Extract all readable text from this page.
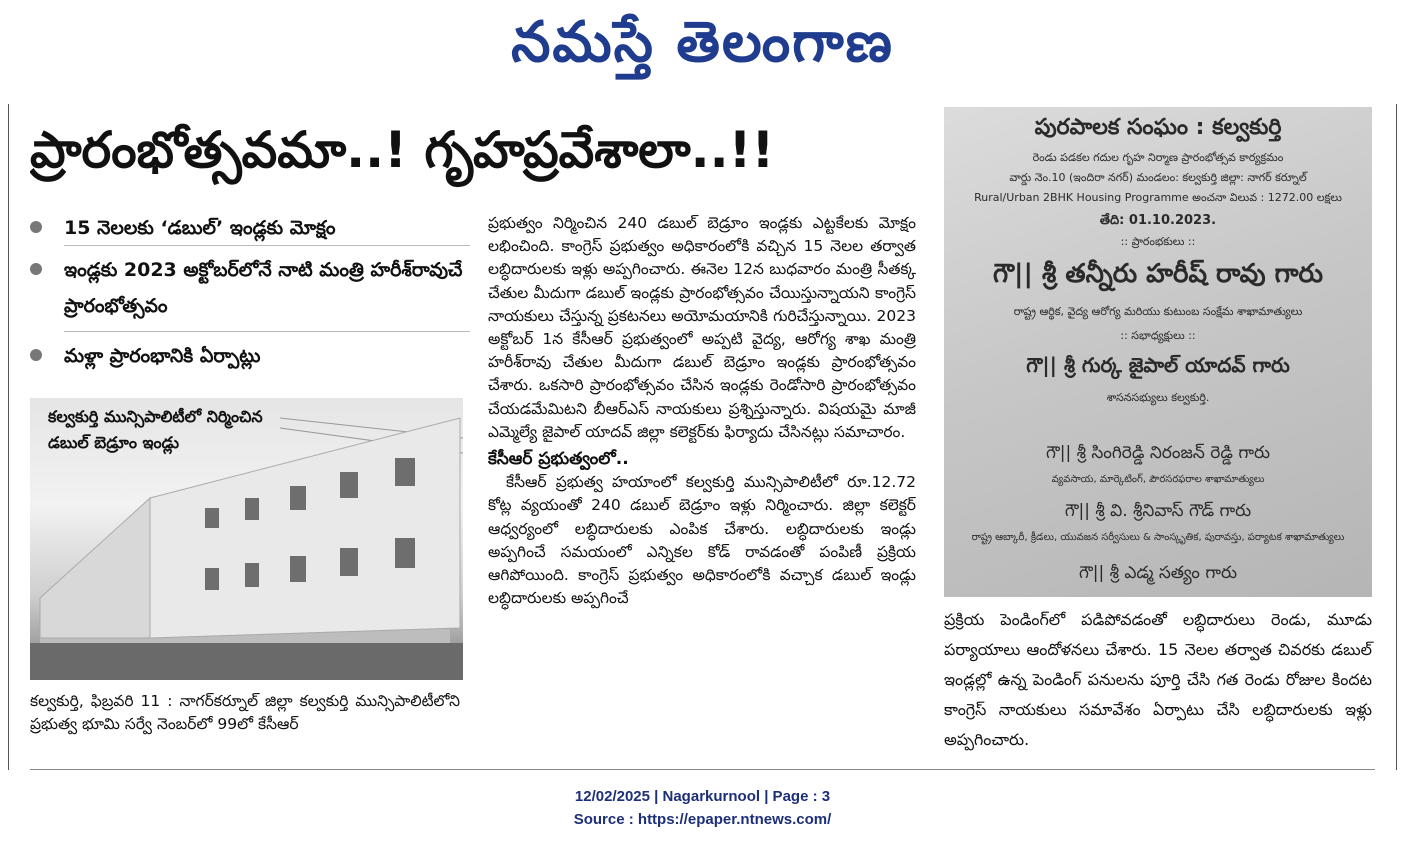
నమస్తే తెలంగాణ
ప్రారంభోత్సవమా..! గృహప్రవేశాలా..!!
15 నెలలకు ‘డబుల్’ ఇండ్లకు మోక్షం
ఇండ్లకు 2023 అక్టోబర్‌లోనే నాటి మంత్రి హరీశ్‌రావుచే ప్రారంభోత్సవం
మళ్లా ప్రారంభానికి ఏర్పాట్లు
కల్వకుర్తి మున్సిపాలిటీలో నిర్మించిన డబుల్ బెడ్రూం ఇండ్లు
కల్వకుర్తి, ఫిబ్రవరి 11 : నాగర్‌కర్నూల్ జిల్లా కల్వకుర్తి మున్సిపాలిటీలోని ప్రభుత్వ భూమి సర్వే నెంబర్‌లో 99లో కేసీఆర్
ప్రభుత్వం నిర్మించిన 240 డబుల్ బెడ్రూం ఇండ్లకు ఎట్టకేలకు మోక్షం లభించింది. కాంగ్రెస్ ప్రభుత్వం అధికారంలోకి వచ్చిన 15 నెలల తర్వాత లబ్ధిదారులకు ఇళ్లు అప్పగించారు. ఈనెల 12న బుధవారం మంత్రి సీతక్క చేతుల మీదుగా డబుల్ ఇండ్లకు ప్రారంభోత్సవం చేయిస్తున్నాయని కాంగ్రెస్ నాయకులు చేస్తున్న ప్రకటనలు అయోమయానికి గురిచేస్తున్నాయి. 2023 అక్టోబర్ 1న కేసీఆర్ ప్రభుత్వంలో అప్పటి వైద్య, ఆరోగ్య శాఖ మంత్రి హరీశ్‌రావు చేతుల మీదుగా డబుల్ బెడ్రూం ఇండ్లకు ప్రారంభోత్సవం చేశారు. ఒకసారి ప్రారంభోత్సవం చేసిన ఇండ్లకు రెండోసారి ప్రారంభోత్సవం చేయడమేమిటని బీఆర్ఎస్ నాయకులు ప్రశ్నిస్తున్నారు. విషయమై మాజీ ఎమ్మెల్యే జైపాల్ యాదవ్ జిల్లా కలెక్టర్‌కు ఫిర్యాదు చేసినట్లు సమాచారం.
కేసీఆర్ ప్రభుత్వంలో..
కేసీఆర్ ప్రభుత్వ హయాంలో కల్వకుర్తి మున్సిపాలిటీలో రూ.12.72 కోట్ల వ్యయంతో 240 డబుల్ బెడ్రూం ఇళ్లు నిర్మించారు. జిల్లా కలెక్టర్ ఆధ్వర్యంలో లబ్ధిదారులకు ఎంపిక చేశారు. లబ్ధిదారులకు ఇండ్లు అప్పగించే సమయంలో ఎన్నికల కోడ్ రావడంతో పంపిణీ ప్రక్రియ ఆగిపోయింది. కాంగ్రెస్ ప్రభుత్వం అధికారంలోకి వచ్చాక డబుల్ ఇండ్లు లబ్ధిదారులకు అప్పగించే
పురపాలక సంఘం : కల్వకుర్తి
రెండు పడకల గదుల గృహ నిర్మాణ ప్రారంభోత్సవ కార్యక్రమం
వార్డు నెం.10 (ఇందిరా నగర్) మండలం: కల్వకుర్తి జిల్లా: నాగర్ కర్నూల్
Rural/Urban 2BHK Housing Programme అంచనా విలువ : 1272.00 లక్షలు
తేది: 01.10.2023.
:: ప్రారంభకులు ::
గౌ|| శ్రీ తన్నీరు హరీష్ రావు గారు
రాష్ట్ర ఆర్థిక, వైద్య ఆరోగ్య మరియు కుటుంబ సంక్షేమ శాఖామాత్యులు
:: సభాధ్యక్షులు ::
గౌ|| శ్రీ గుర్క జైపాల్ యాదవ్ గారు
శాసనసభ్యులు కల్వకుర్తి.
గౌ|| శ్రీ సింగిరెడ్డి నిరంజన్ రెడ్డి గారు
వ్యవసాయ, మార్కెటింగ్, పౌరసరఫరాల శాఖామాత్యులు
గౌ|| శ్రీ వి. శ్రీనివాస్ గౌడ్ గారు
రాష్ట్ర ఆబ్కారీ, క్రీడలు, యువజన సర్వీసులు & సాంస్కృతిక, పురావస్తు, పర్యాటక శాఖామాత్యులు
గౌ|| శ్రీ ఎడ్మ సత్యం గారు
ప్రక్రియ పెండింగ్‌లో పడిపోవడంతో లబ్ధిదారులు రెండు, మూడు పర్యాయాలు ఆందోళనలు చేశారు. 15 నెలల తర్వాత చివరకు డబుల్ ఇండ్లల్లో ఉన్న పెండింగ్ పనులను పూర్తి చేసి గత రెండు రోజుల కిందట కాంగ్రెస్ నాయకులు సమావేశం ఏర్పాటు చేసి లబ్ధిదారులకు ఇళ్లు అప్పగించారు.
12/02/2025 | Nagarkurnool | Page : 3
Source : https://epaper.ntnews.com/
